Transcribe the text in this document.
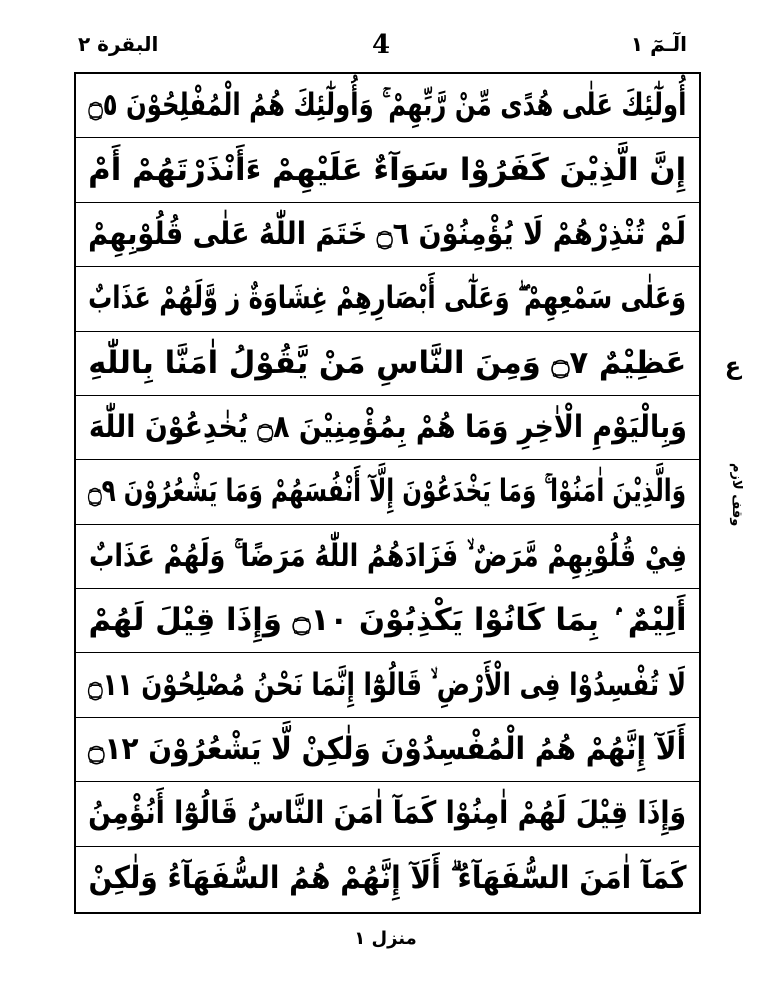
البقرة ٢	4	الٓـمٓ ١
أُولٰٓئِكَ عَلٰى هُدًى مِّنْ رَّبِّهِمْ ۚ وَأُولٰٓئِكَ هُمُ الْمُفْلِحُوْنَ ۝٥
إِنَّ الَّذِيْنَ كَفَرُوْا سَوَآءٌ عَلَيْهِمْ ءَأَنْذَرْتَهُمْ أَمْ
لَمْ تُنْذِرْهُمْ لَا يُؤْمِنُوْنَ ۝٦ خَتَمَ اللّٰهُ عَلٰى قُلُوْبِهِمْ
وَعَلٰى سَمْعِهِمْ ۖ وَعَلٰٓى أَبْصَارِهِمْ غِشَاوَةٌ ز وَّلَهُمْ عَذَابٌ
عَظِيْمٌ ۝٧ وَمِنَ النَّاسِ مَنْ يَّقُوْلُ اٰمَنَّا بِاللّٰهِ
وَبِالْيَوْمِ الْاٰخِرِ وَمَا هُمْ بِمُؤْمِنِيْنَ ۝٨ يُخٰدِعُوْنَ اللّٰهَ
وَالَّذِيْنَ اٰمَنُوْا ۚ وَمَا يَخْدَعُوْنَ إِلَّآ أَنْفُسَهُمْ وَمَا يَشْعُرُوْنَ ۝٩
فِيْ قُلُوْبِهِمْ مَّرَضٌ ۙ فَزَادَهُمُ اللّٰهُ مَرَضًا ۚ وَلَهُمْ عَذَابٌ
أَلِيْمٌ ۢ بِمَا كَانُوْا يَكْذِبُوْنَ ۝١٠ وَإِذَا قِيْلَ لَهُمْ
لَا تُفْسِدُوْا فِى الْأَرْضِ ۙ قَالُوْٓا إِنَّمَا نَحْنُ مُصْلِحُوْنَ ۝١١
أَلَآ إِنَّهُمْ هُمُ الْمُفْسِدُوْنَ وَلٰكِنْ لَّا يَشْعُرُوْنَ ۝١٢
وَإِذَا قِيْلَ لَهُمْ اٰمِنُوْا كَمَآ اٰمَنَ النَّاسُ قَالُوْٓا أَنُؤْمِنُ
كَمَآ اٰمَنَ السُّفَهَآءُ ۗ أَلَآ إِنَّهُمْ هُمُ السُّفَهَآءُ وَلٰكِنْ
ع
وقف لازم
منزل ١
